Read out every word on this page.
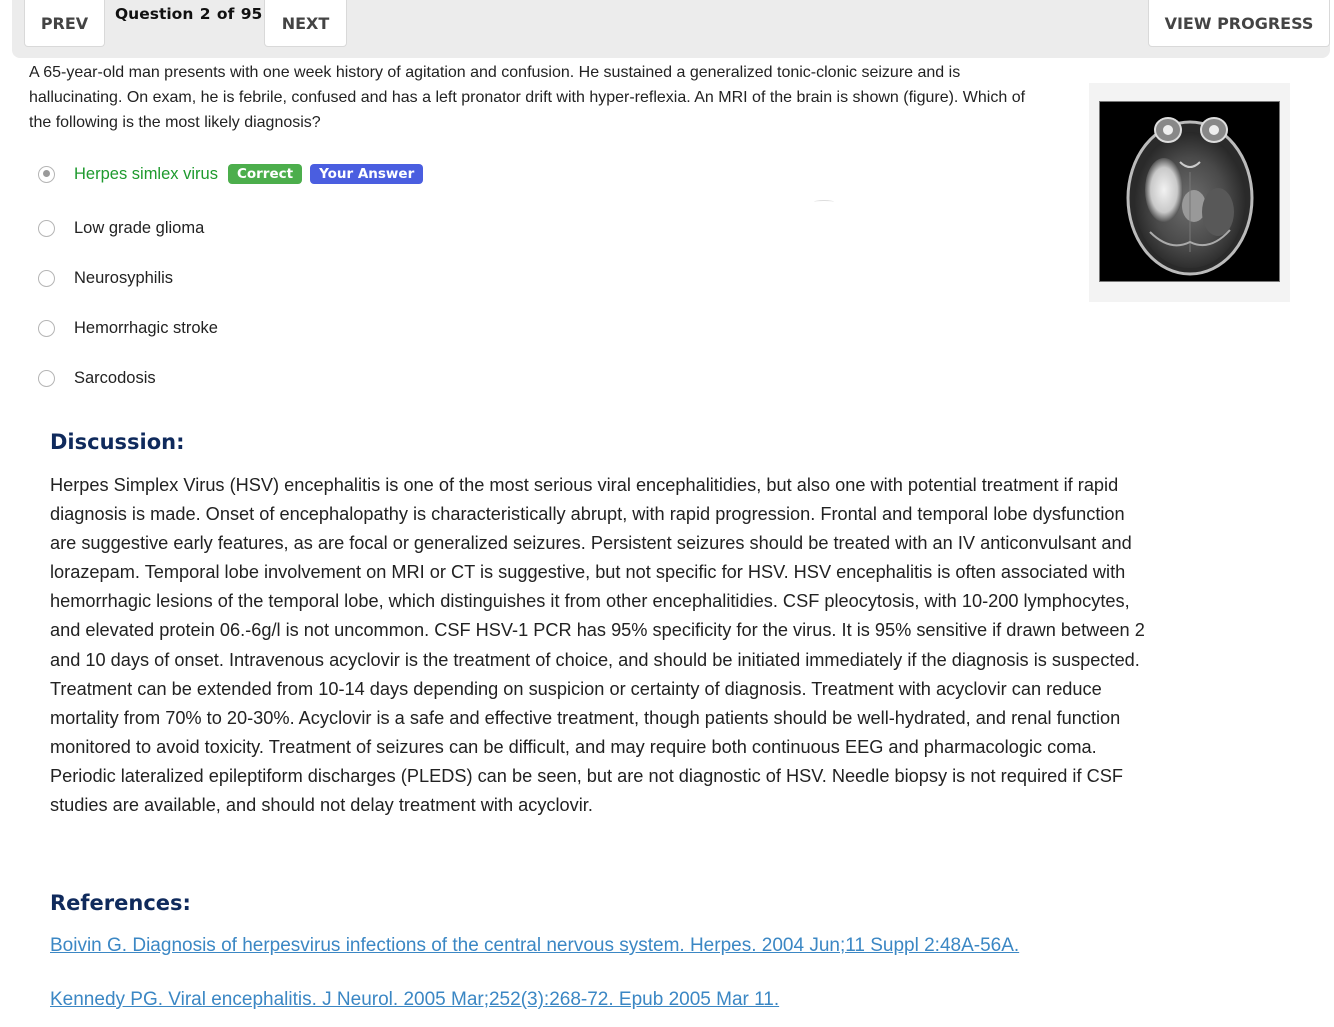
PREV	Question 2 of 95	NEXT	VIEW PROGRESS
A 65-year-old man presents with one week history of agitation and confusion. He sustained a generalized tonic-clonic seizure and is hallucinating. On exam, he is febrile, confused and has a left pronator drift with hyper-reflexia. An MRI of the brain is shown (figure). Which of the following is the most likely diagnosis?
Herpes simlex virus	Correct	Your Answer
Low grade glioma
Neurosyphilis
Hemorrhagic stroke
Sarcodosis
Discussion:
Herpes Simplex Virus (HSV) encephalitis is one of the most serious viral encephalitidies, but also one with potential treatment if rapid diagnosis is made. Onset of encephalopathy is characteristically abrupt, with rapid progression. Frontal and temporal lobe dysfunction are suggestive early features, as are focal or generalized seizures. Persistent seizures should be treated with an IV anticonvulsant and lorazepam. Temporal lobe involvement on MRI or CT is suggestive, but not specific for HSV. HSV encephalitis is often associated with hemorrhagic lesions of the temporal lobe, which distinguishes it from other encephalitidies. CSF pleocytosis, with 10-200 lymphocytes, and elevated protein 06.-6g/l is not uncommon. CSF HSV-1 PCR has 95% specificity for the virus. It is 95% sensitive if drawn between 2 and 10 days of onset. Intravenous acyclovir is the treatment of choice, and should be initiated immediately if the diagnosis is suspected. Treatment can be extended from 10-14 days depending on suspicion or certainty of diagnosis. Treatment with acyclovir can reduce mortality from 70% to 20-30%. Acyclovir is a safe and effective treatment, though patients should be well-hydrated, and renal function monitored to avoid toxicity. Treatment of seizures can be difficult, and may require both continuous EEG and pharmacologic coma. Periodic lateralized epileptiform discharges (PLEDS) can be seen, but are not diagnostic of HSV. Needle biopsy is not required if CSF studies are available, and should not delay treatment with acyclovir.
References:
Boivin G. Diagnosis of herpesvirus infections of the central nervous system. Herpes. 2004 Jun;11 Suppl 2:48A-56A.
Kennedy PG. Viral encephalitis. J Neurol. 2005 Mar;252(3):268-72. Epub 2005 Mar 11.
